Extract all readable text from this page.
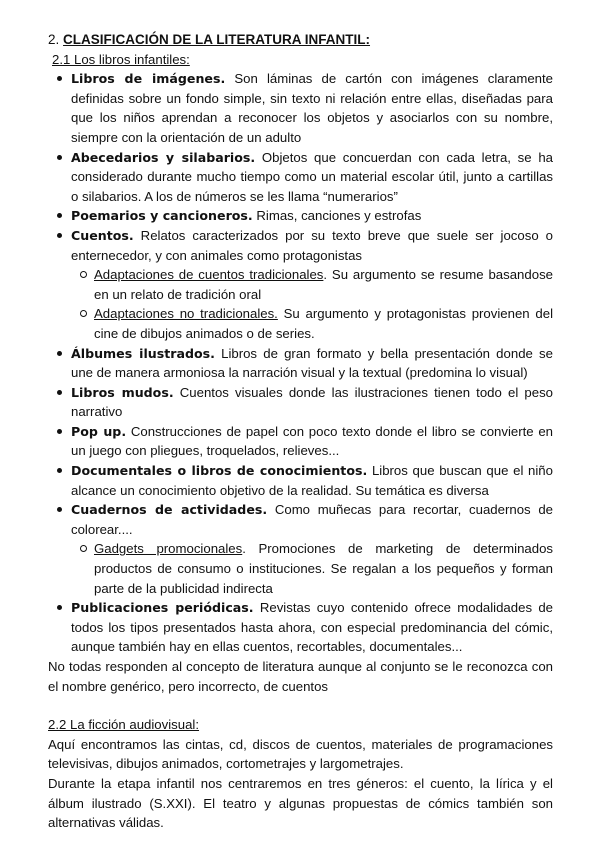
2. CLASIFICACIÓN DE LA LITERATURA INFANTIL:
2.1 Los libros infantiles:
Libros de imágenes. Son láminas de cartón con imágenes claramente definidas sobre un fondo simple, sin texto ni relación entre ellas, diseñadas para que los niños aprendan a reconocer los objetos y asociarlos con su nombre, siempre con la orientación de un adulto
Abecedarios y silabarios. Objetos que concuerdan con cada letra, se ha considerado durante mucho tiempo como un material escolar útil, junto a cartillas o silabarios. A los de números se les llama “numerarios”
Poemarios y cancioneros. Rimas, canciones y estrofas
Cuentos. Relatos caracterizados por su texto breve que suele ser jocoso o enternecedor, y con animales como protagonistas
Adaptaciones de cuentos tradicionales. Su argumento se resume basandose en un relato de tradición oral
Adaptaciones no tradicionales. Su argumento y protagonistas provienen del cine de dibujos animados o de series.
Álbumes ilustrados. Libros de gran formato y bella presentación donde se une de manera armoniosa la narración visual y la textual (predomina lo visual)
Libros mudos. Cuentos visuales donde las ilustraciones tienen todo el peso narrativo
Pop up. Construcciones de papel con poco texto donde el libro se convierte en un juego con pliegues, troquelados, relieves...
Documentales o libros de conocimientos. Libros que buscan que el niño alcance un conocimiento objetivo de la realidad. Su temática es diversa
Cuadernos de actividades. Como muñecas para recortar, cuadernos de colorear....
Gadgets promocionales. Promociones de marketing de determinados productos de consumo o instituciones. Se regalan a los pequeños y forman parte de la publicidad indirecta
Publicaciones periódicas. Revistas cuyo contenido ofrece modalidades de todos los tipos presentados hasta ahora, con especial predominancia del cómic, aunque también hay en ellas cuentos, recortables, documentales...

No todas responden al concepto de literatura aunque al conjunto se le reconozca con el nombre genérico, pero incorrecto, de cuentos

2.2 La ficción audiovisual:

Aquí encontramos las cintas, cd, discos de cuentos, materiales de programaciones televisivas, dibujos animados, cortometrajes y largometrajes.

Durante la etapa infantil nos centraremos en tres géneros: el cuento, la lírica y el álbum ilustrado (S.XXI). El teatro y algunas propuestas de cómics también son alternativas válidas.
